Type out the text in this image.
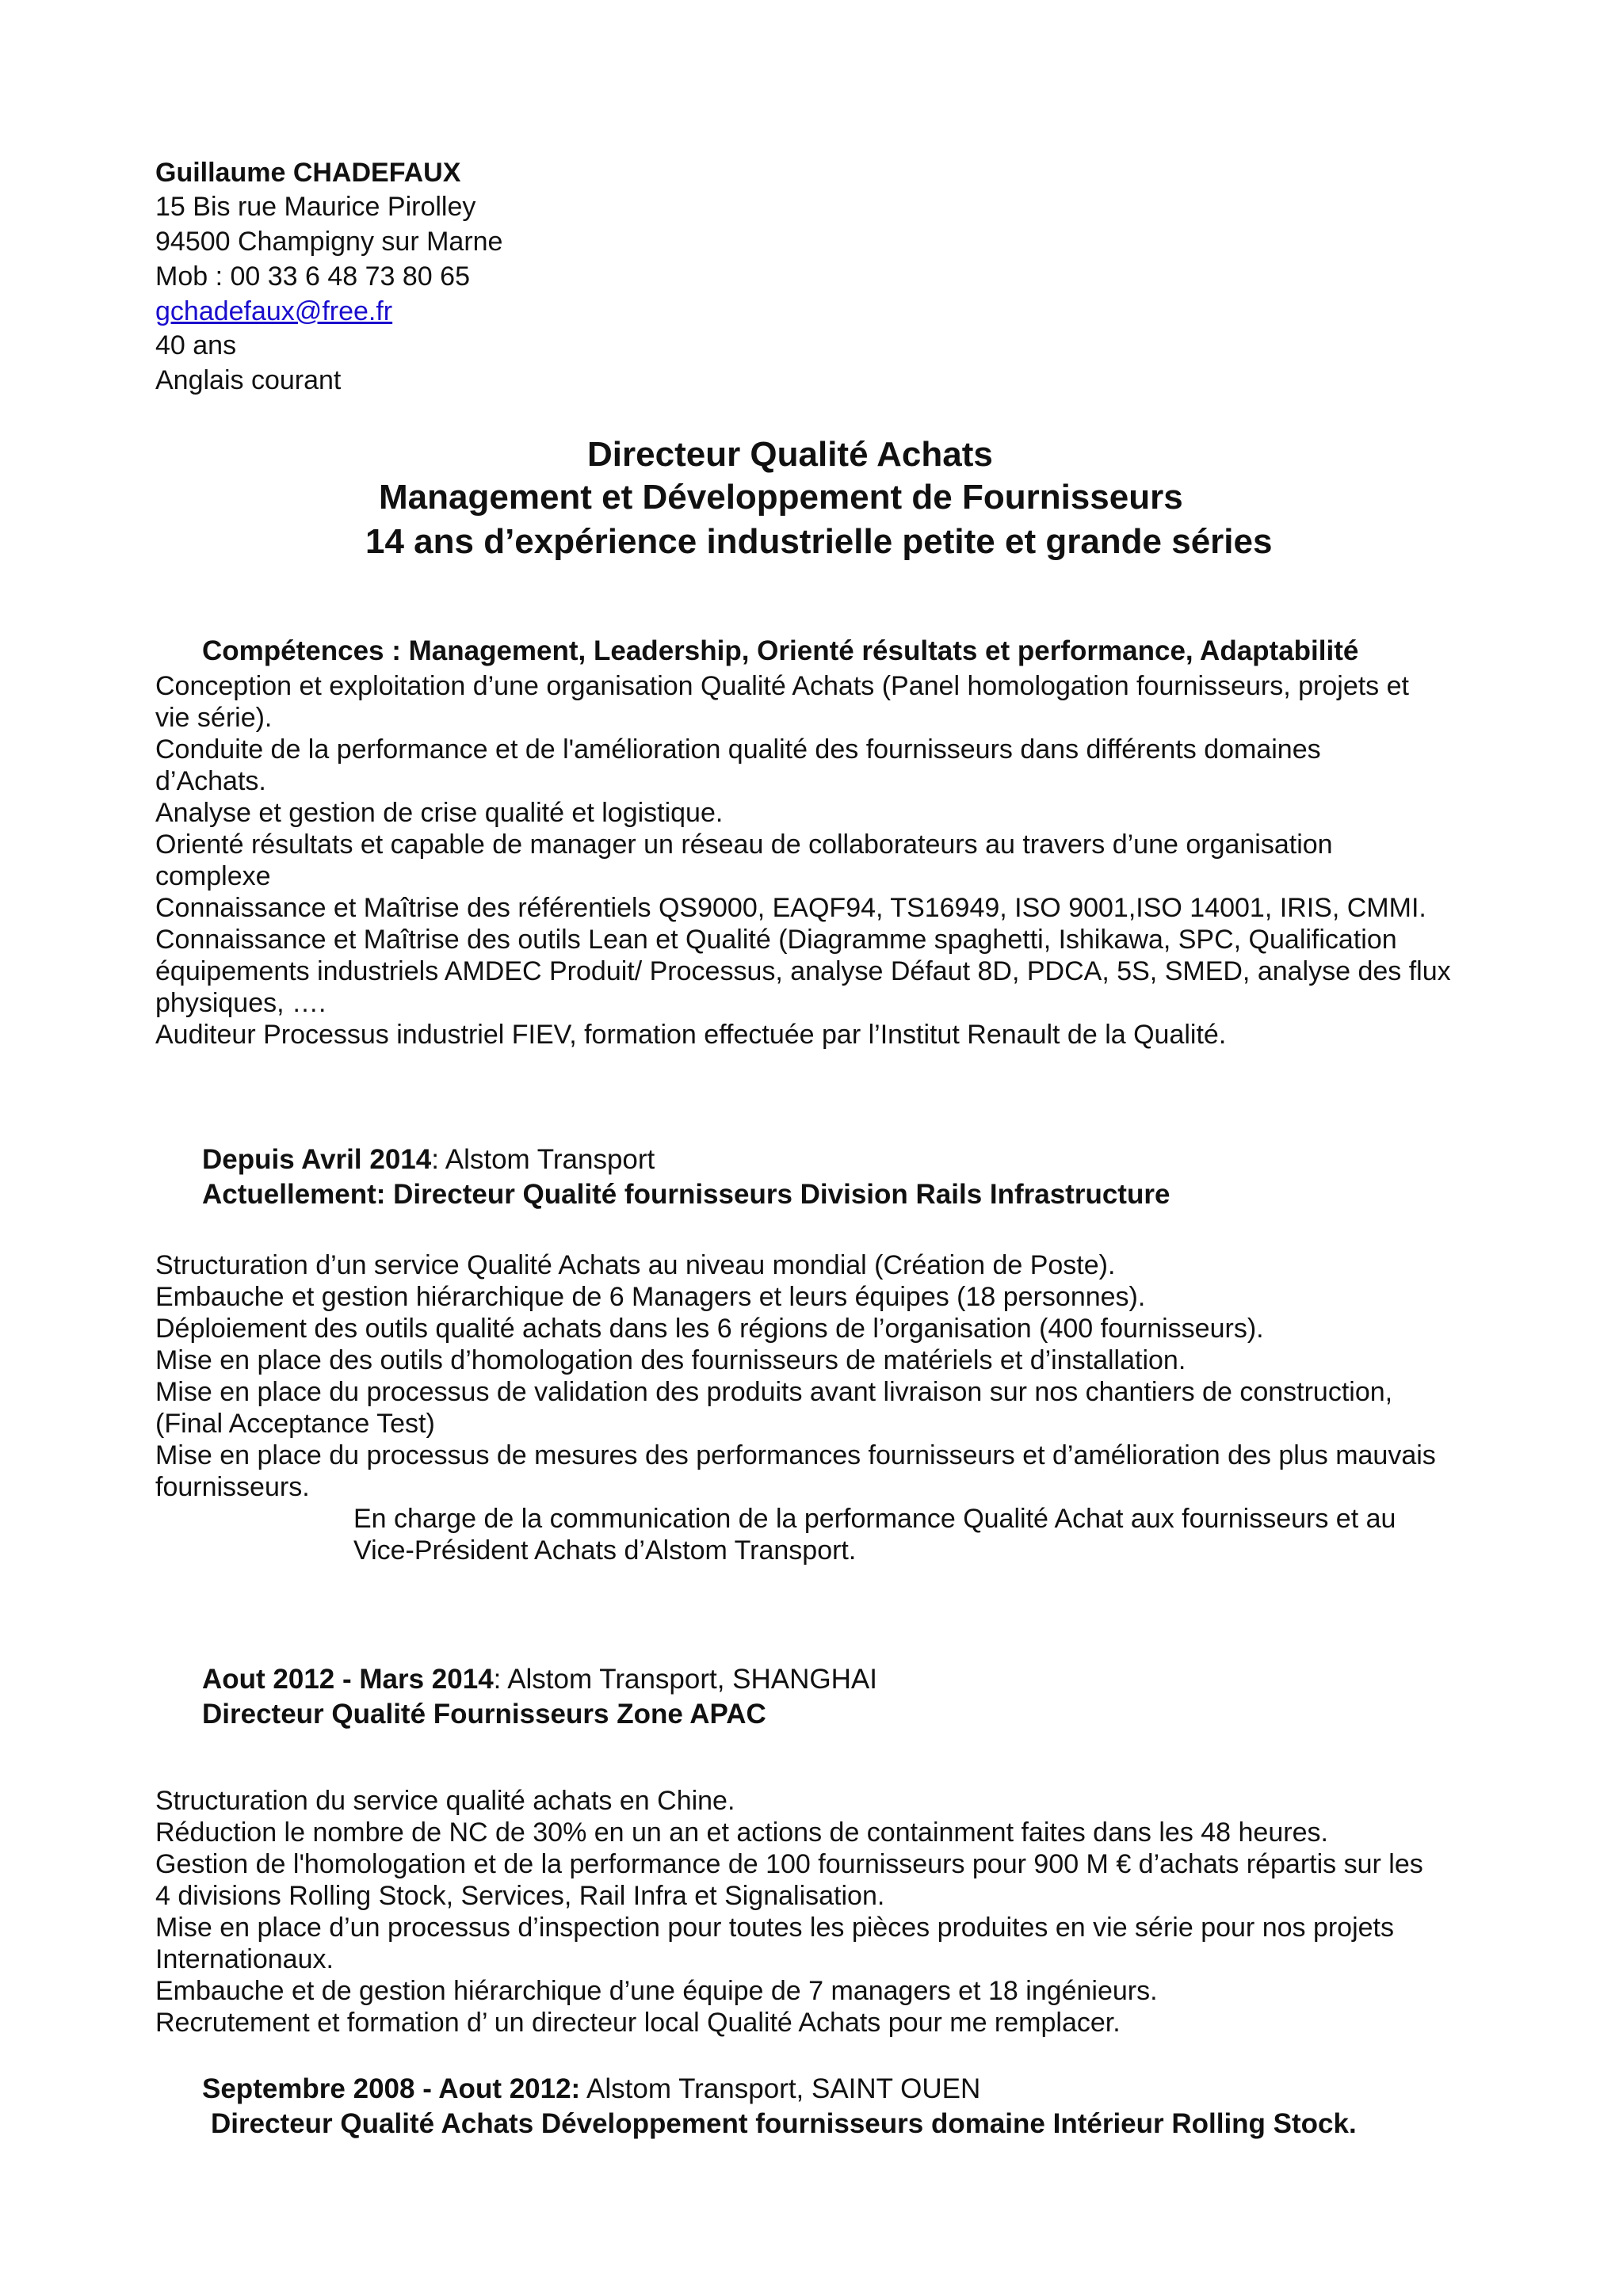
Guillaume CHADEFAUX
15 Bis rue Maurice Pirolley
94500 Champigny sur Marne
Mob : 00 33 6 48 73 80 65
gchadefaux@free.fr
40 ans
Anglais courant
Directeur Qualité Achats
Management et Développement de Fournisseurs
14 ans d’expérience industrielle petite et grande séries
Compétences : Management, Leadership, Orienté résultats et performance, Adaptabilité
Conception et exploitation d’une organisation Qualité Achats (Panel homologation fournisseurs, projets et
vie série).
Conduite de la performance et de l'amélioration qualité des fournisseurs dans différents domaines
d’Achats.
Analyse et gestion de crise qualité et logistique.
Orienté résultats et capable de manager un réseau de collaborateurs au travers d’une organisation
complexe
Connaissance et Maîtrise des référentiels QS9000, EAQF94, TS16949, ISO 9001,ISO 14001, IRIS, CMMI.
Connaissance et Maîtrise des outils Lean et Qualité (Diagramme spaghetti, Ishikawa, SPC, Qualification
équipements industriels AMDEC Produit/ Processus, analyse Défaut 8D, PDCA, 5S, SMED, analyse des flux
physiques, ….
Auditeur Processus industriel FIEV, formation effectuée par l’Institut Renault de la Qualité.
Depuis Avril 2014: Alstom Transport
Actuellement: Directeur Qualité fournisseurs Division Rails Infrastructure
Structuration d’un service Qualité Achats au niveau mondial (Création de Poste).
Embauche et gestion hiérarchique de 6 Managers et leurs équipes (18 personnes).
Déploiement des outils qualité achats dans les 6 régions de l’organisation (400 fournisseurs).
Mise en place des outils d’homologation des fournisseurs de matériels et d’installation.
Mise en place du processus de validation des produits avant livraison sur nos chantiers de construction,
(Final Acceptance Test)
Mise en place du processus de mesures des performances fournisseurs et d’amélioration des plus mauvais
fournisseurs.
En charge de la communication de la performance Qualité Achat aux fournisseurs et au
Vice-Président Achats d’Alstom Transport.
Aout 2012 - Mars 2014: Alstom Transport, SHANGHAI
Directeur Qualité Fournisseurs Zone APAC
Structuration du service qualité achats en Chine.
Réduction le nombre de NC de 30% en un an et actions de containment faites dans les 48 heures.
Gestion de l'homologation et de la performance de 100 fournisseurs pour 900 M € d’achats répartis sur les
4 divisions Rolling Stock, Services, Rail Infra et Signalisation.
Mise en place d’un processus d’inspection pour toutes les pièces produites en vie série pour nos projets
Internationaux.
Embauche et de gestion hiérarchique d’une équipe de 7 managers et 18 ingénieurs.
Recrutement et formation d’ un directeur local Qualité Achats pour me remplacer.
Septembre 2008 - Aout 2012: Alstom Transport, SAINT OUEN
Directeur Qualité Achats Développement fournisseurs domaine Intérieur Rolling Stock.
